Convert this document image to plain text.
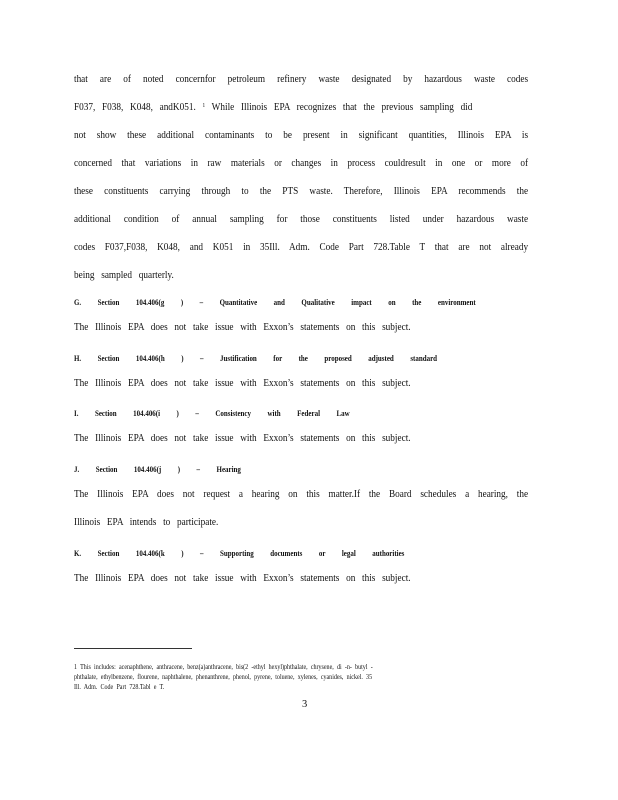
that are of noted concernfor petroleum refinery waste designated by hazardous waste codes
F037, F038, K048, andK051. $^1$ While Illinois EPA recognizes that the previous sampling did
not show these additional contaminants to be present in significant quantities, Illinois EPA is
concerned that variations in raw materials or changes in process couldresult in one or more of
these constituents carrying through to the PTS waste. Therefore, Illinois EPA recommends the
additional condition of annual sampling for those constituents listed under hazardous waste
codes F037,F038, K048, and K051 in 35Ill. Adm. Code Part 728.Table T that are not already
being sampled quarterly.
G. Section 104.406(g ) – Quantitative and Qualitative impact on the environment
The Illinois EPA does not take issue with Exxon’s statements on this subject.
H. Section 104.406(h ) – Justification for the proposed adjusted standard
The Illinois EPA does not take issue with Exxon’s statements on this subject.
I. Section 104.406(i ) – Consistency with Federal Law
The Illinois EPA does not take issue with Exxon’s statements on this subject.
J. Section 104.406(j ) – Hearing
The Illinois EPA does not request a hearing on this matter.If the Board schedules a hearing, the
Illinois EPA intends to participate.
K. Section 104.406(k ) – Supporting documents or legal authorities
The Illinois EPA does not take issue with Exxon’s statements on this subject.
1 This includes: acenaphthene, anthracene, benz(a)anthracene, bis(2 -ethyl hexyl)phthalate, chrysene, di -n- butyl -
phthalate, ethylbenzene, flourene, naphthalene, phenanthrene, phenol, pyrene, toluene, xylenes, cyanides, nickel. 35
Ill. Adm. Code Part 728.Tabl e T.
3
